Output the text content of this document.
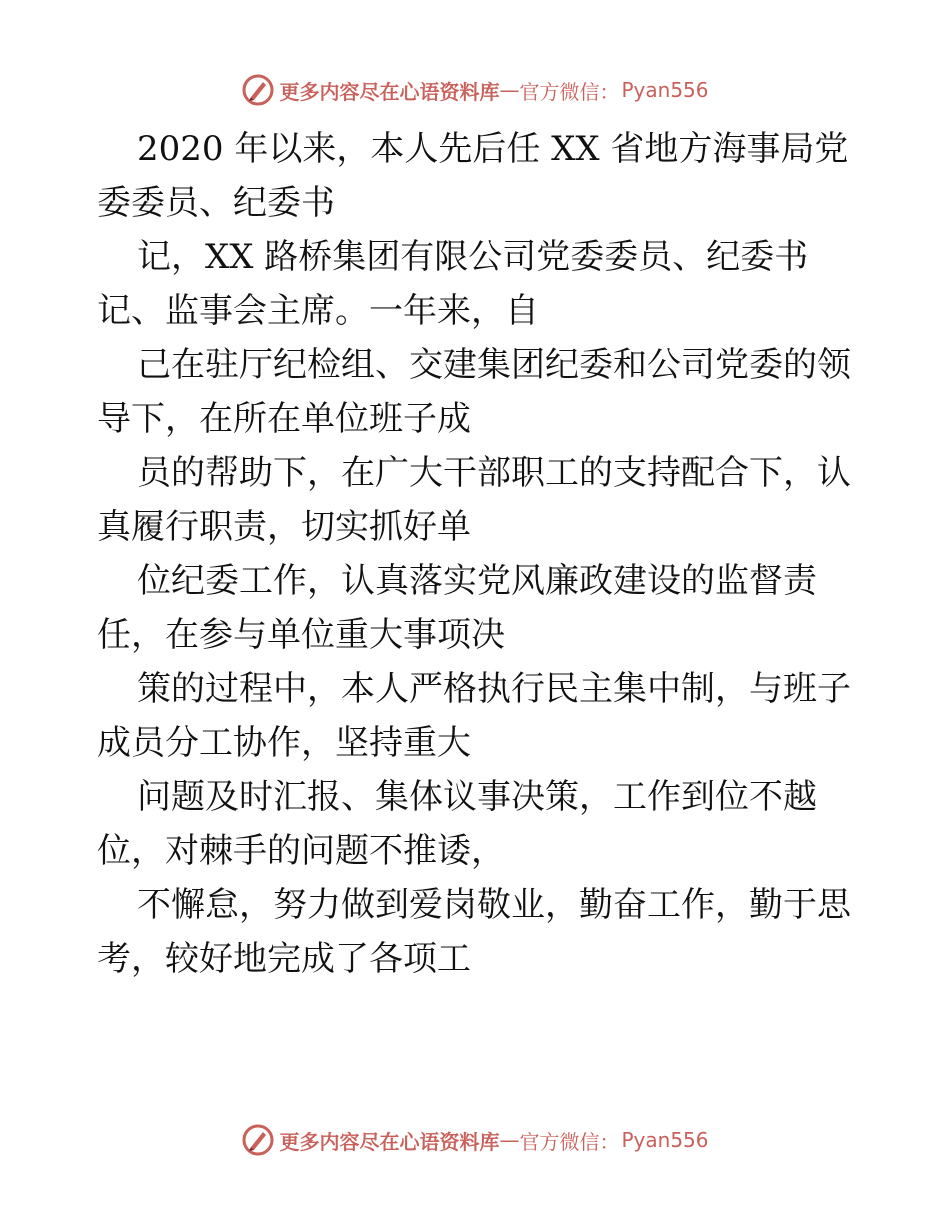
更多内容尽在心语资料库 — 官方微信： Pyan556

2020 年以来，本人先后任 XX 省地方海事局党
委委员、纪委书

记，XX 路桥集团有限公司党委委员、纪委书
记、监事会主席。一年来，自

己在驻厅纪检组、交建集团纪委和公司党委的领
导下，在所在单位班子成

员的帮助下，在广大干部职工的支持配合下，认
真履行职责，切实抓好单

位纪委工作，认真落实党风廉政建设的监督责
任，在参与单位重大事项决

策的过程中，本人严格执行民主集中制，与班子
成员分工协作，坚持重大

问题及时汇报、集体议事决策，工作到位不越
位，对棘手的问题不推诿，

不懈怠，努力做到爱岗敬业，勤奋工作，勤于思
考，较好地完成了各项工

更多内容尽在心语资料库 — 官方微信： Pyan556
